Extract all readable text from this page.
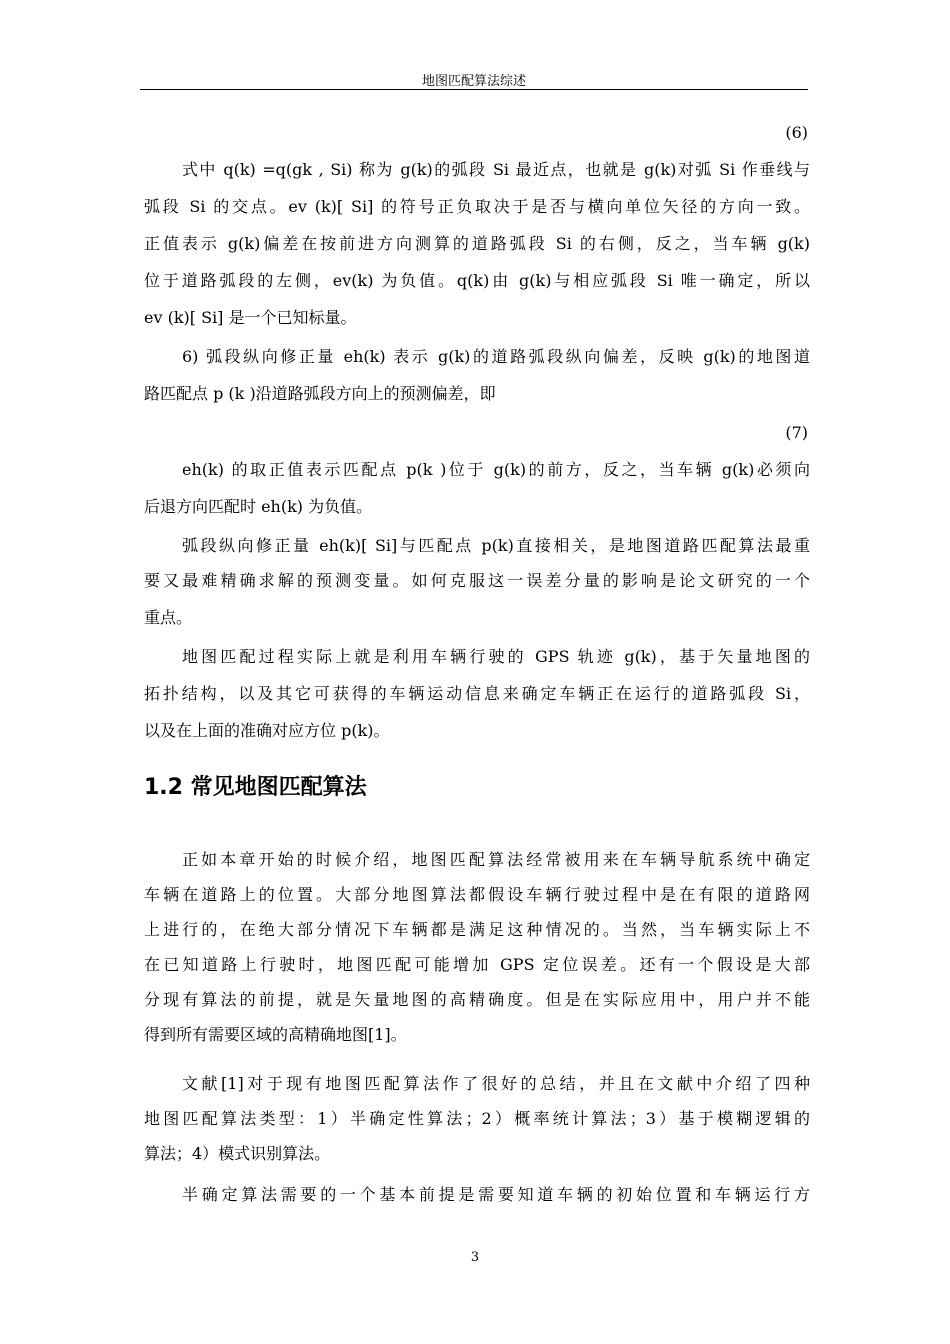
地图匹配算法综述
(6)
式中 q(k) =q(gk , Si) 称为 g(k)的弧段 Si 最近点，也就是 g(k)对弧 Si 作垂线与
弧段 Si 的交点。ev (k)[ Si] 的符号正负取决于是否与横向单位矢径的方向一致。
正值表示 g(k)偏差在按前进方向测算的道路弧段 Si 的右侧，反之，当车辆 g(k)
位于道路弧段的左侧，ev(k) 为负值。q(k)由 g(k)与相应弧段 Si 唯一确定，所以
ev (k)[ Si] 是一个已知标量。
6) 弧段纵向修正量 eh(k) 表示 g(k)的道路弧段纵向偏差，反映 g(k)的地图道
路匹配点 p (k )沿道路弧段方向上的预测偏差，即
(7)
eh(k) 的取正值表示匹配点 p(k )位于 g(k)的前方，反之，当车辆 g(k)必须向
后退方向匹配时 eh(k) 为负值。
弧段纵向修正量 eh(k)[ Si]与匹配点 p(k)直接相关，是地图道路匹配算法最重
要又最难精确求解的预测变量。如何克服这一误差分量的影响是论文研究的一个
重点。
地图匹配过程实际上就是利用车辆行驶的 GPS 轨迹 g(k)，基于矢量地图的
拓扑结构，以及其它可获得的车辆运动信息来确定车辆正在运行的道路弧段 Si，
以及在上面的准确对应方位 p(k)。
1.2 常见地图匹配算法
正如本章开始的时候介绍，地图匹配算法经常被用来在车辆导航系统中确定
车辆在道路上的位置。大部分地图算法都假设车辆行驶过程中是在有限的道路网
上进行的，在绝大部分情况下车辆都是满足这种情况的。当然，当车辆实际上不
在已知道路上行驶时，地图匹配可能增加 GPS 定位误差。还有一个假设是大部
分现有算法的前提，就是矢量地图的高精确度。但是在实际应用中，用户并不能
得到所有需要区域的高精确地图[1]。
文献[1]对于现有地图匹配算法作了很好的总结，并且在文献中介绍了四种
地图匹配算法类型：1）半确定性算法；2）概率统计算法；3）基于模糊逻辑的
算法；4）模式识别算法。
半确定算法需要的一个基本前提是需要知道车辆的初始位置和车辆运行方
3
